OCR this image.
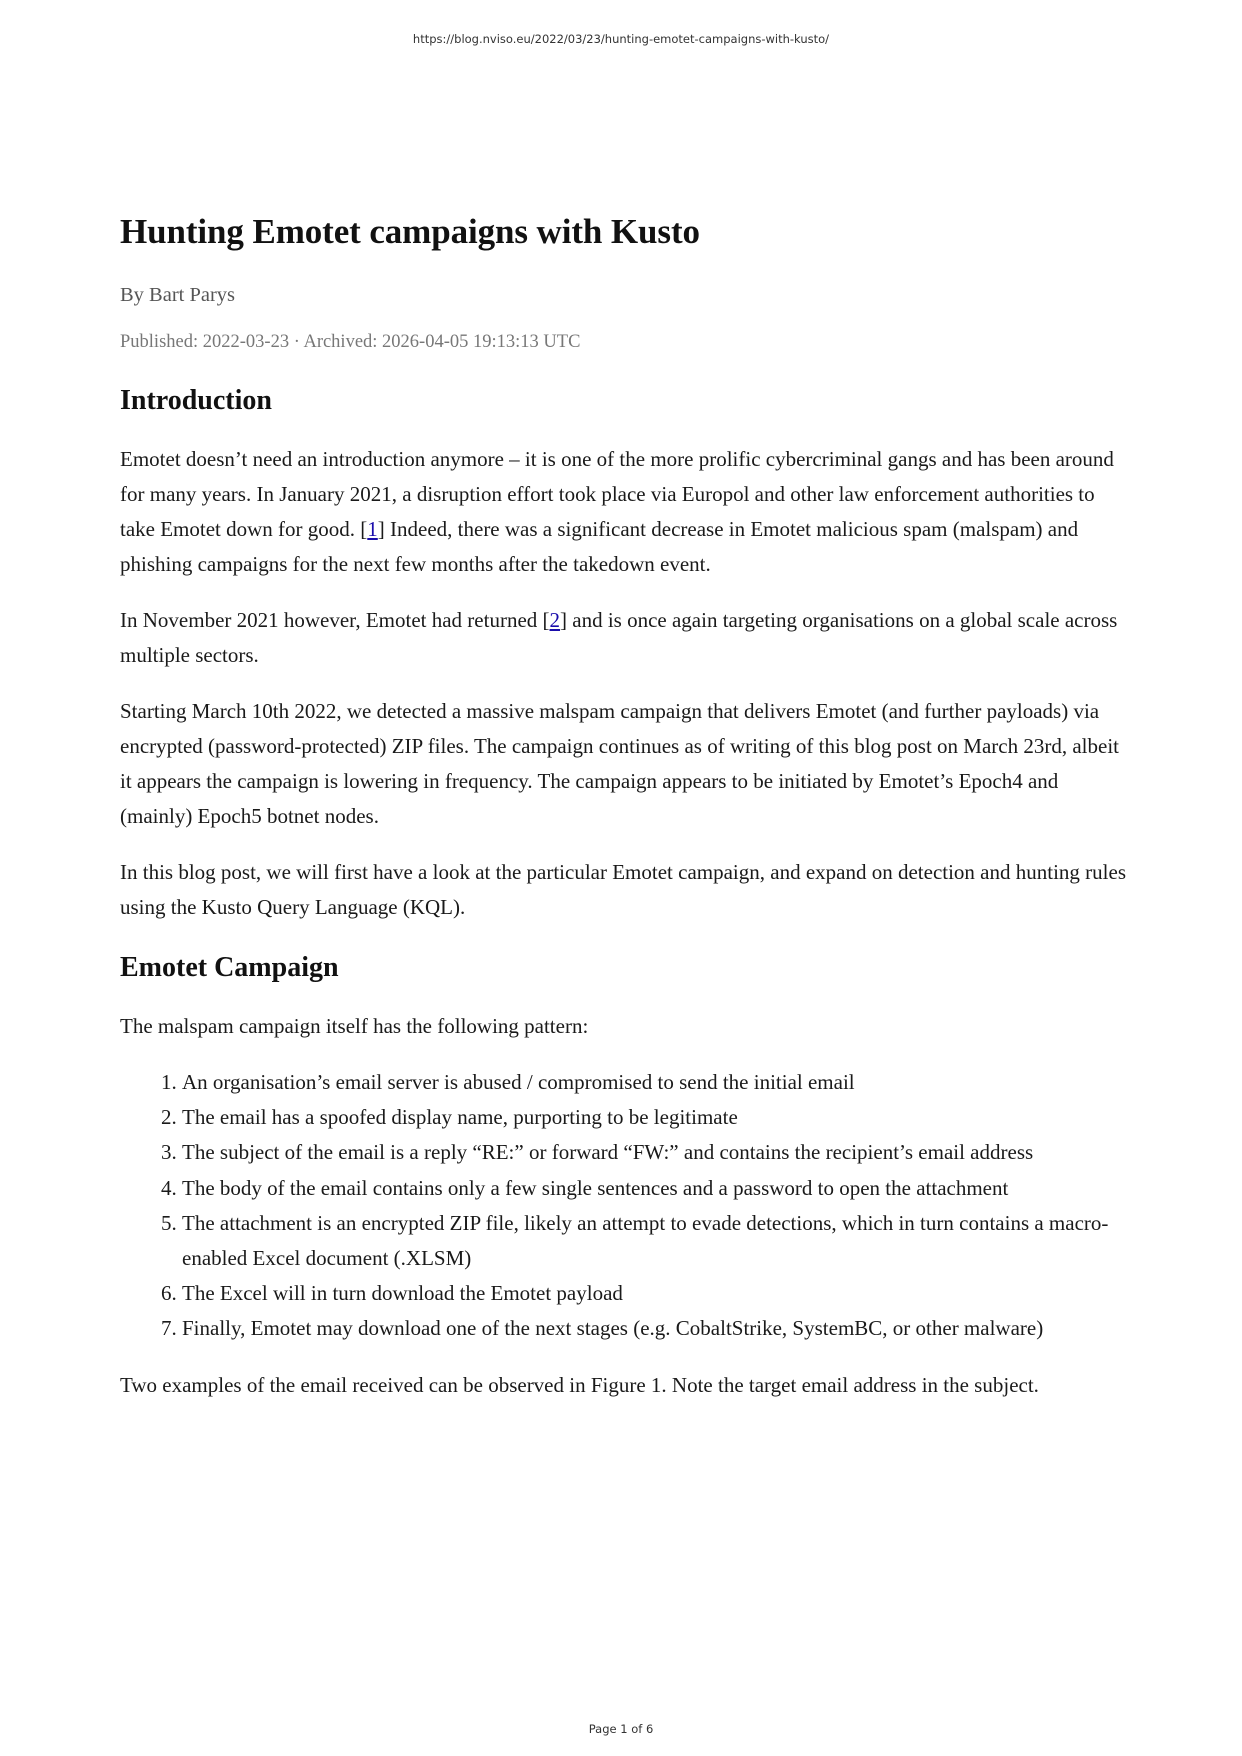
https://blog.nviso.eu/2022/03/23/hunting-emotet-campaigns-with-kusto/
Hunting Emotet campaigns with Kusto
By Bart Parys
Published: 2022-03-23 · Archived: 2026-04-05 19:13:13 UTC
Introduction

Emotet doesn’t need an introduction anymore – it is one of the more prolific cybercriminal gangs and has been around for many years. In January 2021, a disruption effort took place via Europol and other law enforcement authorities to take Emotet down for good. [1] Indeed, there was a significant decrease in Emotet malicious spam (malspam) and phishing campaigns for the next few months after the takedown event.

In November 2021 however, Emotet had returned [2] and is once again targeting organisations on a global scale across multiple sectors.

Starting March 10th 2022, we detected a massive malspam campaign that delivers Emotet (and further payloads) via encrypted (password-protected) ZIP files. The campaign continues as of writing of this blog post on March 23rd, albeit it appears the campaign is lowering in frequency. The campaign appears to be initiated by Emotet’s Epoch4 and (mainly) Epoch5 botnet nodes.

In this blog post, we will first have a look at the particular Emotet campaign, and expand on detection and hunting rules using the Kusto Query Language (KQL).

Emotet Campaign

The malspam campaign itself has the following pattern:

1. An organisation’s email server is abused / compromised to send the initial email
2. The email has a spoofed display name, purporting to be legitimate
3. The subject of the email is a reply “RE:” or forward “FW:” and contains the recipient’s email address
4. The body of the email contains only a few single sentences and a password to open the attachment
5. The attachment is an encrypted ZIP file, likely an attempt to evade detections, which in turn contains a macro-enabled Excel document (.XLSM)
6. The Excel will in turn download the Emotet payload
7. Finally, Emotet may download one of the next stages (e.g. CobaltStrike, SystemBC, or other malware)

Two examples of the email received can be observed in Figure 1. Note the target email address in the subject.

Page 1 of 6
